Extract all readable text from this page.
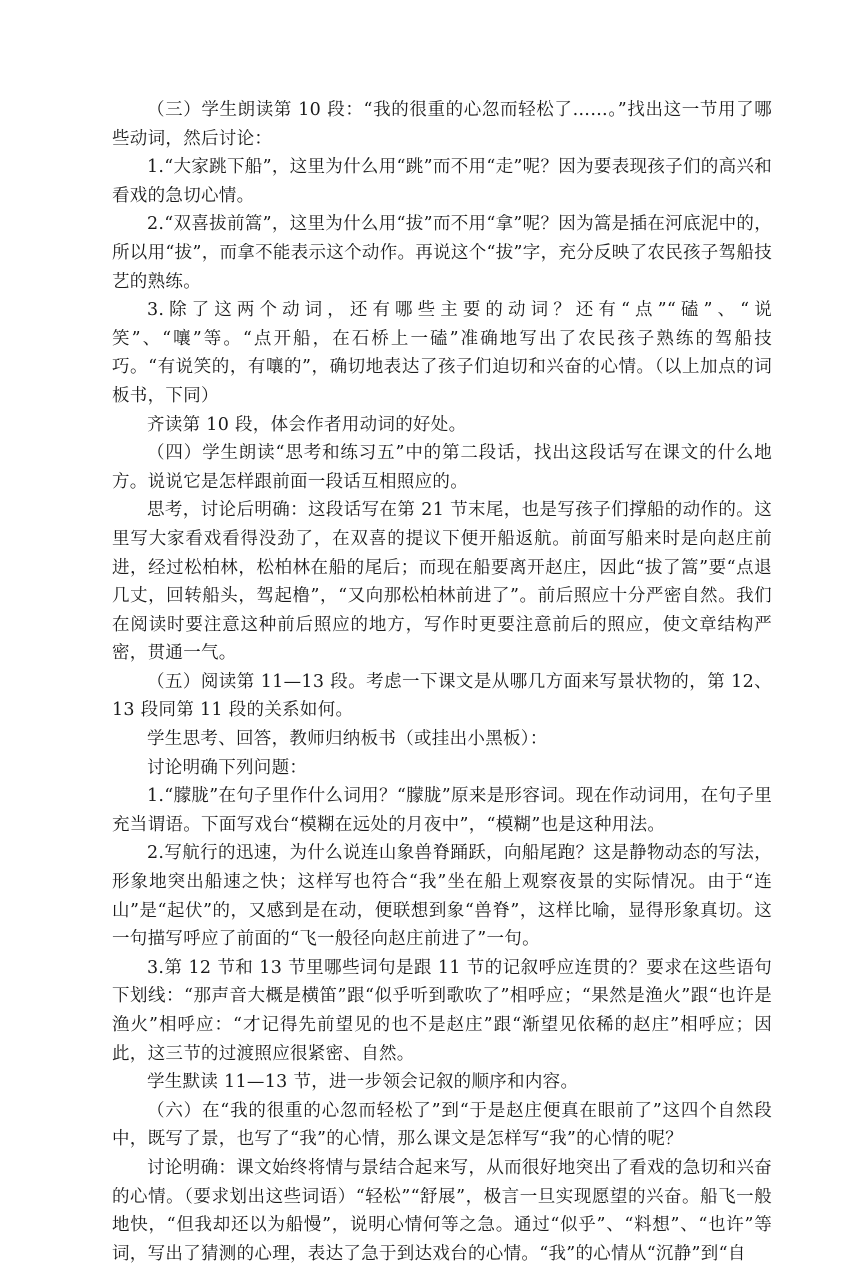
（三）学生朗读第 10 段：“我的很重的心忽而轻松了……。”找出这一节用了哪些动词，然后讨论：

1.“大家跳下船”，这里为什么用“跳”而不用“走”呢？因为要表现孩子们的高兴和看戏的急切心情。

2.“双喜拔前篙”，这里为什么用“拔”而不用“拿”呢？因为篙是插在河底泥中的，所以用“拔”，而拿不能表示这个动作。再说这个“拔”字，充分反映了农民孩子驾船技艺的熟练。

3.除了这两个动词，还有哪些主要的动词？还有“点”“磕”、“说笑”、“嚷”等。“点开船，在石桥上一磕”准确地写出了农民孩子熟练的驾船技巧。“有说笑的，有嚷的”，确切地表达了孩子们迫切和兴奋的心情。（以上加点的词板书，下同）

齐读第 10 段，体会作者用动词的好处。

（四）学生朗读“思考和练习五”中的第二段话，找出这段话写在课文的什么地方。说说它是怎样跟前面一段话互相照应的。

思考，讨论后明确：这段话写在第 21 节末尾，也是写孩子们撑船的动作的。这里写大家看戏看得没劲了，在双喜的提议下便开船返航。前面写船来时是向赵庄前进，经过松柏林，松柏林在船的尾后；而现在船要离开赵庄，因此“拔了篙”要“点退几丈，回转船头，驾起橹”，“又向那松柏林前进了”。前后照应十分严密自然。我们在阅读时要注意这种前后照应的地方，写作时更要注意前后的照应，使文章结构严密，贯通一气。

（五）阅读第 11—13 段。考虑一下课文是从哪几方面来写景状物的，第 12、13 段同第 11 段的关系如何。

学生思考、回答，教师归纳板书（或挂出小黑板）：

讨论明确下列问题：

1.“朦胧”在句子里作什么词用？“朦胧”原来是形容词。现在作动词用，在句子里充当谓语。下面写戏台“模糊在远处的月夜中”，“模糊”也是这种用法。

2.写航行的迅速，为什么说连山象兽脊踊跃，向船尾跑？这是静物动态的写法，形象地突出船速之快；这样写也符合“我”坐在船上观察夜景的实际情况。由于“连山”是“起伏”的，又感到是在动，便联想到象“兽脊”，这样比喻，显得形象真切。这一句描写呼应了前面的“飞一般径向赵庄前进了”一句。

3.第 12 节和 13 节里哪些词句是跟 11 节的记叙呼应连贯的？要求在这些语句下划线：“那声音大概是横笛”跟“似乎听到歌吹了”相呼应；“果然是渔火”跟“也许是渔火”相呼应：“才记得先前望见的也不是赵庄”跟“渐望见依稀的赵庄”相呼应；因此，这三节的过渡照应很紧密、自然。

学生默读 11—13 节，进一步领会记叙的顺序和内容。

（六）在“我的很重的心忽而轻松了”到“于是赵庄便真在眼前了”这四个自然段中，既写了景，也写了“我”的心情，那么课文是怎样写“我”的心情的呢？

讨论明确：课文始终将情与景结合起来写，从而很好地突出了看戏的急切和兴奋的心情。（要求划出这些词语）“轻松”“舒展”，极言一旦实现愿望的兴奋。船飞一般地快，“但我却还以为船慢”，说明心情何等之急。通过“似乎”、“料想”、“也许”等词，写出了猜测的心理，表达了急于到达戏台的心情。“我”的心情从“沉静”到“自
